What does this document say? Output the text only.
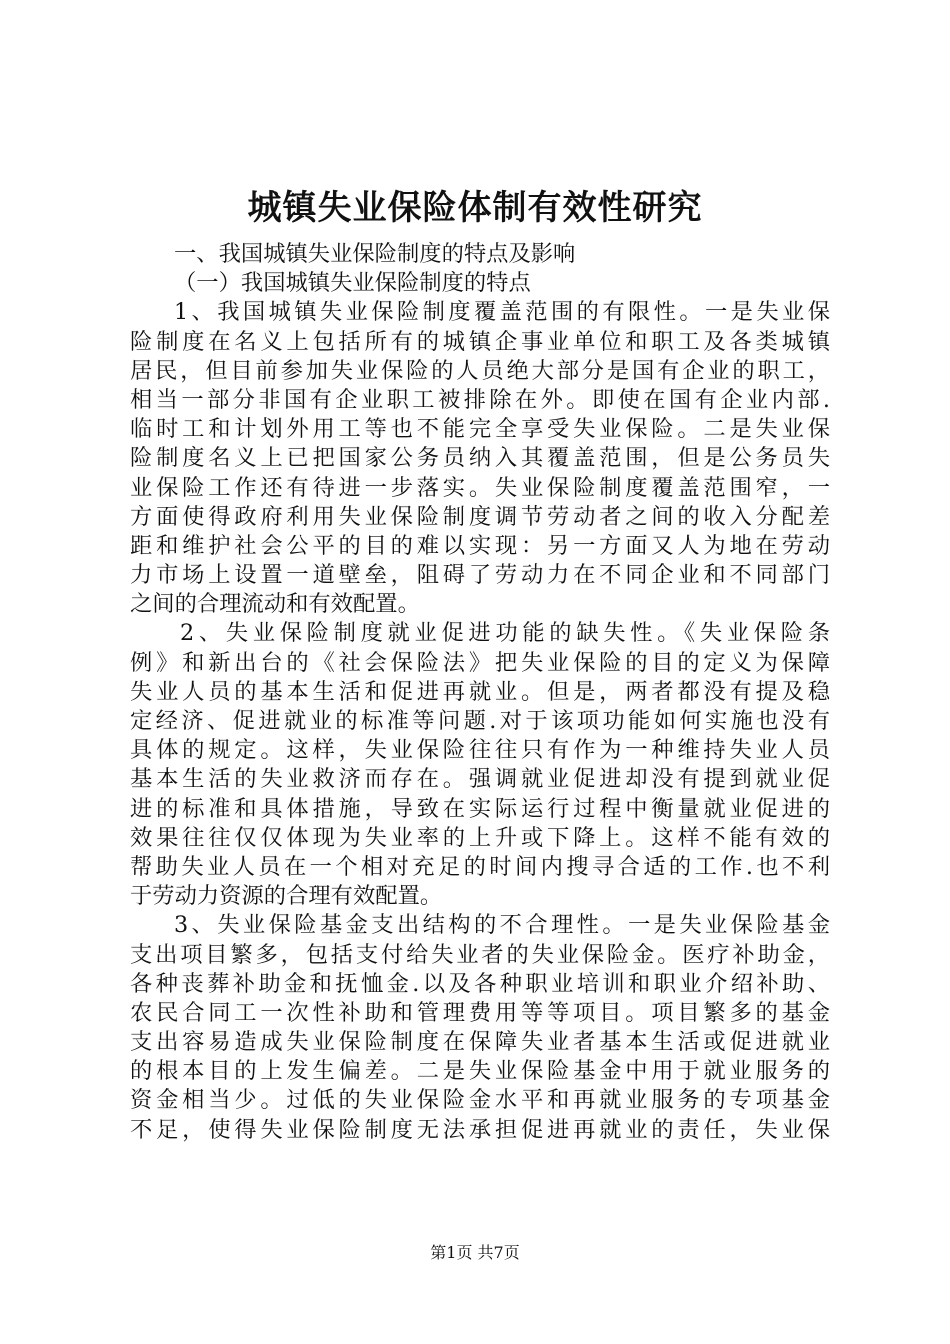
城镇失业保险体制有效性研究
一、我国城镇失业保险制度的特点及影响
（一）我国城镇失业保险制度的特点
1、我国城镇失业保险制度覆盖范围的有限性。一是失业保
险制度在名义上包括所有的城镇企事业单位和职工及各类城镇
居民，但目前参加失业保险的人员绝大部分是国有企业的职工，
相当一部分非国有企业职工被排除在外。即使在国有企业内部.
临时工和计划外用工等也不能完全享受失业保险。二是失业保
险制度名义上已把国家公务员纳入其覆盖范围，但是公务员失
业保险工作还有待进一步落实。失业保险制度覆盖范围窄，一
方面使得政府利用失业保险制度调节劳动者之间的收入分配差
距和维护社会公平的目的难以实现：另一方面又人为地在劳动
力市场上设置一道壁垒，阻碍了劳动力在不同企业和不同部门
之间的合理流动和有效配置。
2、失业保险制度就业促进功能的缺失性。《失业保险条
例》和新出台的《社会保险法》把失业保险的目的定义为保障
失业人员的基本生活和促进再就业。但是，两者都没有提及稳
定经济、促进就业的标准等问题.对于该项功能如何实施也没有
具体的规定。这样，失业保险往往只有作为一种维持失业人员
基本生活的失业救济而存在。强调就业促进却没有提到就业促
进的标准和具体措施，导致在实际运行过程中衡量就业促进的
效果往往仅仅体现为失业率的上升或下降上。这样不能有效的
帮助失业人员在一个相对充足的时间内搜寻合适的工作.也不利
于劳动力资源的合理有效配置。
3、失业保险基金支出结构的不合理性。一是失业保险基金
支出项目繁多，包括支付给失业者的失业保险金。医疗补助金，
各种丧葬补助金和抚恤金.以及各种职业培训和职业介绍补助、
农民合同工一次性补助和管理费用等等项目。项目繁多的基金
支出容易造成失业保险制度在保障失业者基本生活或促进就业
的根本目的上发生偏差。二是失业保险基金中用于就业服务的
资金相当少。过低的失业保险金水平和再就业服务的专项基金
不足，使得失业保险制度无法承担促进再就业的责任，失业保
第1页 共7页
